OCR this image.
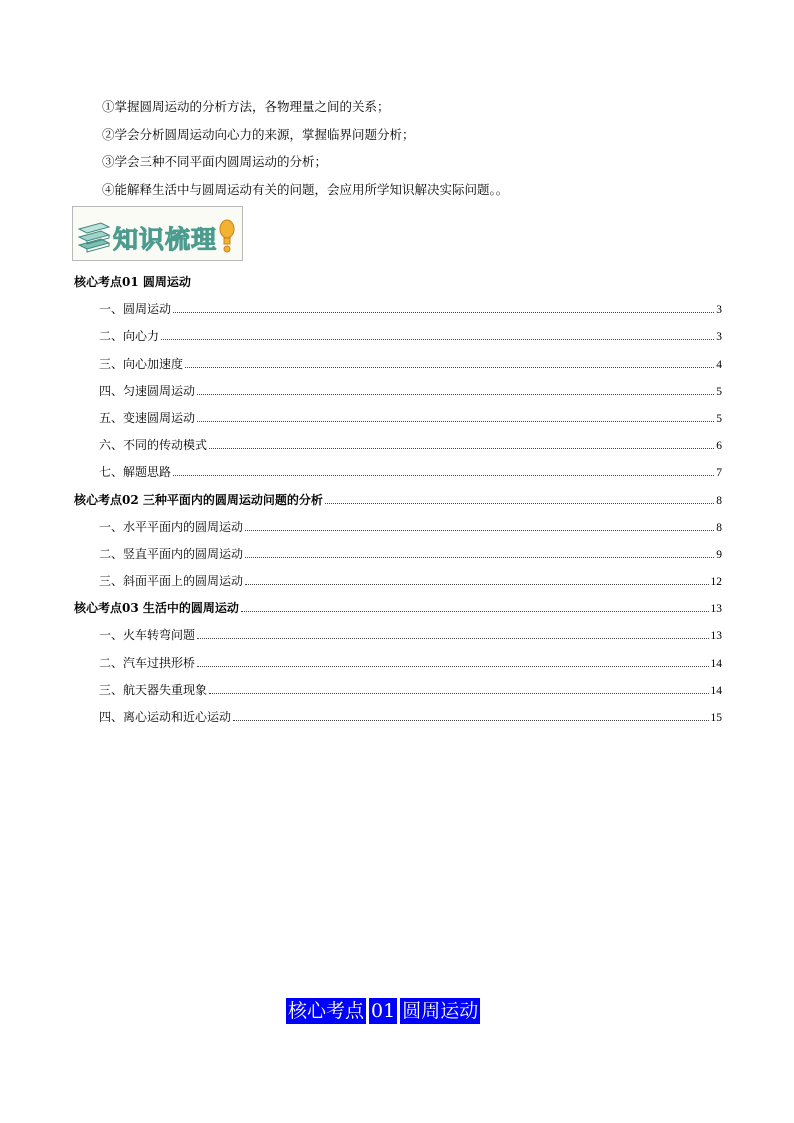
①掌握圆周运动的分析方法，各物理量之间的关系；
②学会分析圆周运动向心力的来源，掌握临界问题分析；
③学会三种不同平面内圆周运动的分析；
④能解释生活中与圆周运动有关的问题，会应用所学知识解决实际问题。。
知识梳理
核心考点01 圆周运动
一、圆周运动	3
二、向心力	3
三、向心加速度	4
四、匀速圆周运动	5
五、变速圆周运动	5
六、不同的传动模式	6
七、解题思路	7
核心考点02 三种平面内的圆周运动问题的分析	8
一、水平平面内的圆周运动	8
二、竖直平面内的圆周运动	9
三、斜面平面上的圆周运动	12
核心考点03 生活中的圆周运动	13
一、火车转弯问题	13
二、汽车过拱形桥	14
三、航天器失重现象	14
四、离心运动和近心运动	15
核心考点 01 圆周运动
